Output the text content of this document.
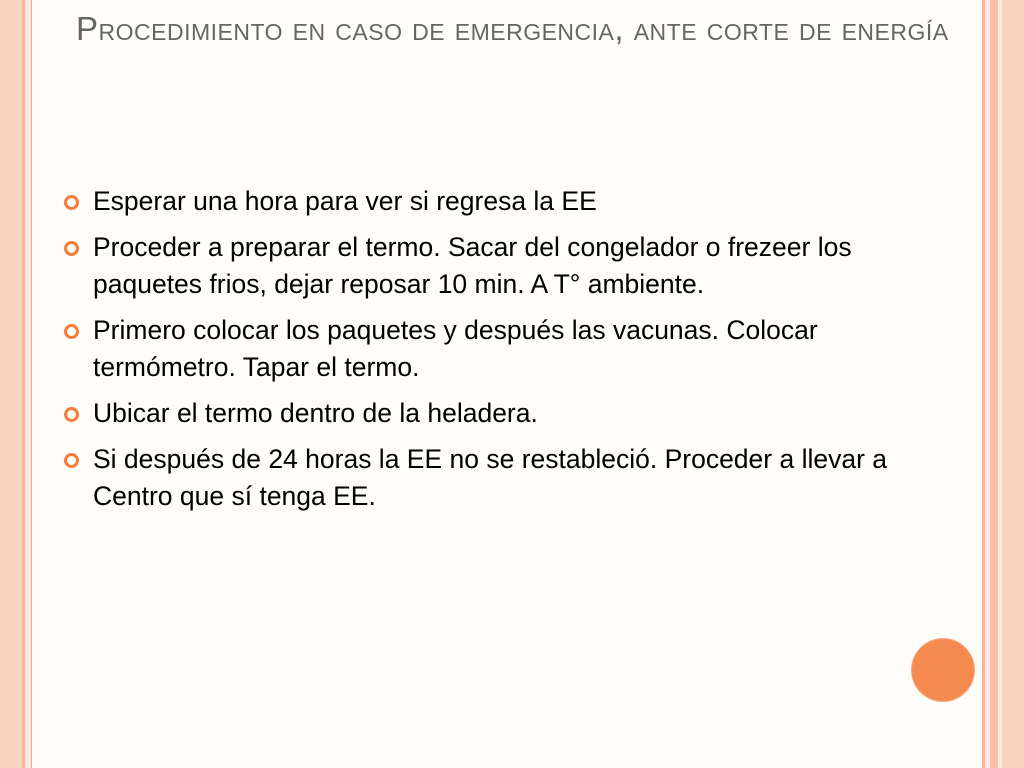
Procedimiento en caso de emergencia, ante corte de energía
Esperar una hora para ver si regresa la EE
Proceder a preparar el termo. Sacar del congelador o frezeer los paquetes frios, dejar reposar 10 min. A T° ambiente.
Primero colocar los paquetes y después las vacunas. Colocar termómetro. Tapar el termo.
Ubicar el termo dentro de la heladera.
Si después de 24 horas la EE no se restableció. Proceder a llevar a Centro que sí tenga EE.
